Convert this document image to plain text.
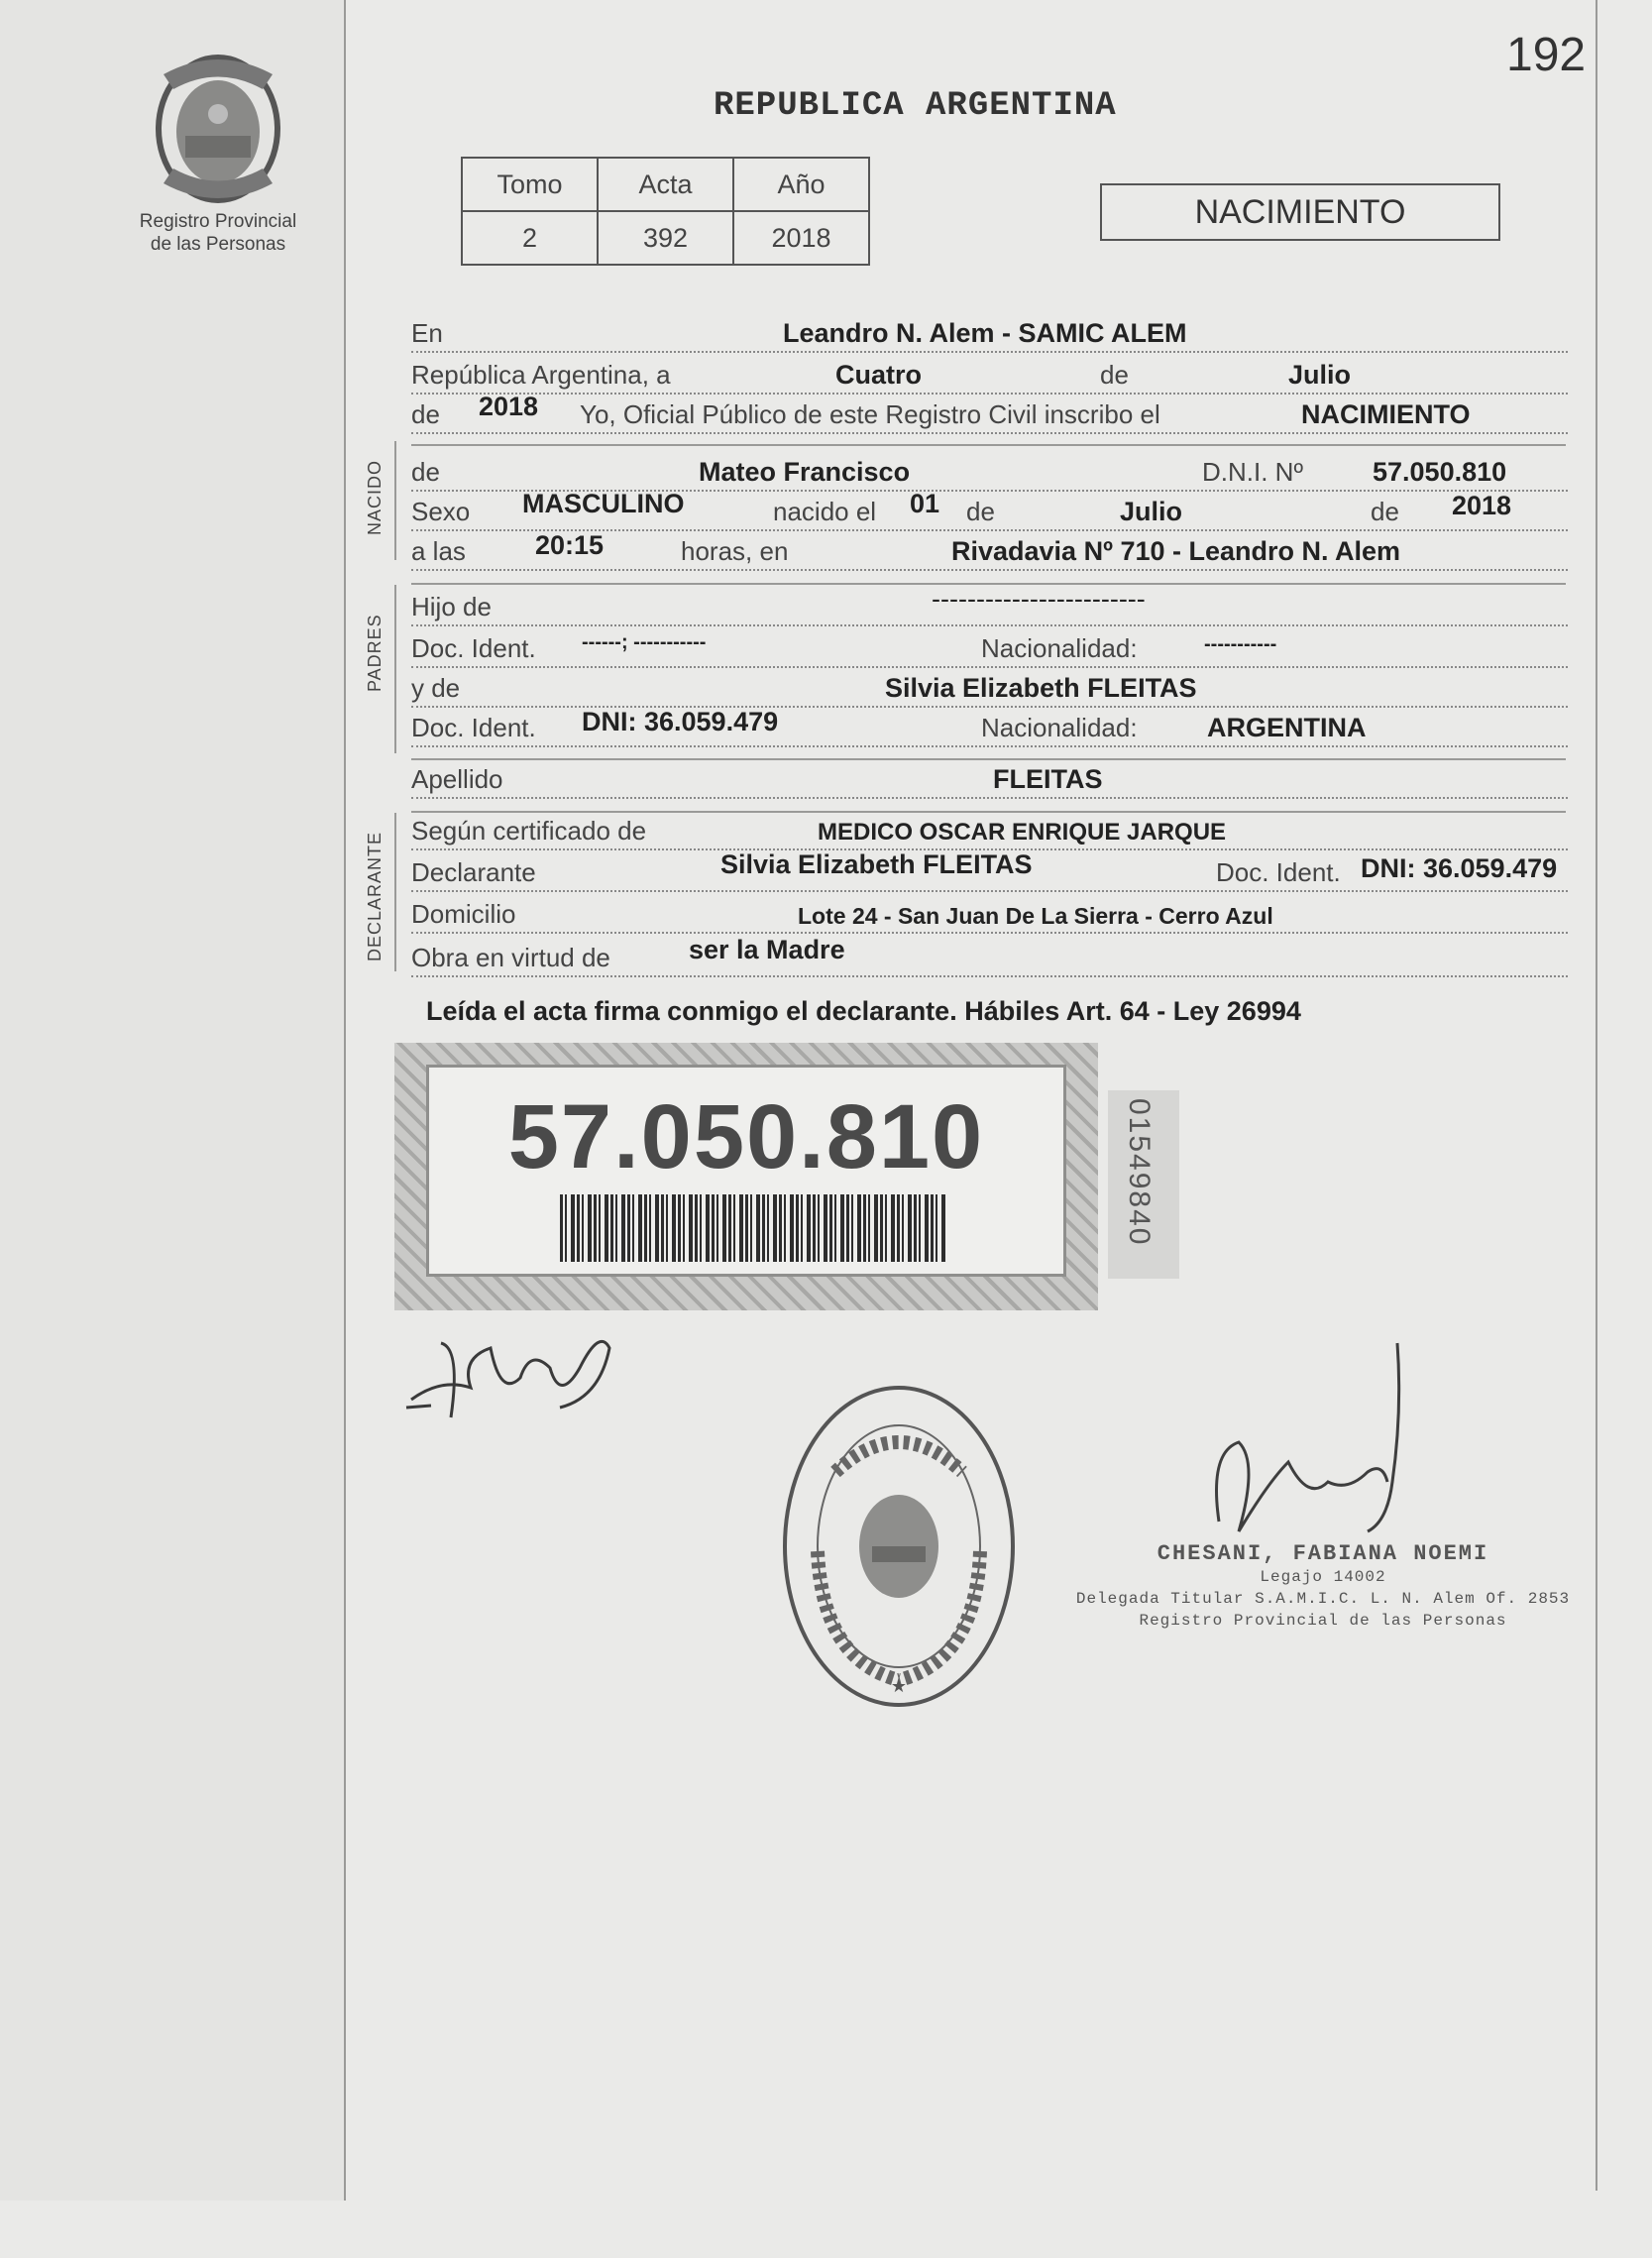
192
Registro Provincial
de las Personas
REPUBLICA ARGENTINA
Tomo	Acta	Año
2	392	2018
NACIMIENTO
NACIDO
PADRES
DECLARANTE
En	Leandro N. Alem - SAMIC ALEM
República Argentina, a	Cuatro	de	Julio
de 2018 Yo, Oficial Público de este Registro Civil inscribo el	NACIMIENTO
de	Mateo Francisco	D.N.I. Nº	57.050.810
Sexo MASCULINO	nacido el 01 de	Julio	de 2018
a las	20:15	horas, en	Rivadavia Nº 710 - Leandro N. Alem
Hijo de	------------------------
Doc. Ident. ------; -----------	Nacionalidad:	-----------
y de	Silvia Elizabeth FLEITAS
Doc. Ident. DNI: 36.059.479	Nacionalidad:	ARGENTINA
Apellido	FLEITAS
Según certificado de	MEDICO OSCAR ENRIQUE JARQUE
Declarante	Silvia Elizabeth FLEITAS	Doc. Ident. DNI: 36.059.479
Domicilio	Lote 24 - San Juan De La Sierra - Cerro Azul
Obra en virtud de	ser la Madre
Leída el acta firma conmigo el declarante. Hábiles Art. 64 - Ley 26994
57.050.810	01549840
★
CHESANI, FABIANA NOEMI
Legajo 14002
Delegada Titular S.A.M.I.C. L. N. Alem Of. 2853
Registro Provincial de las Personas
